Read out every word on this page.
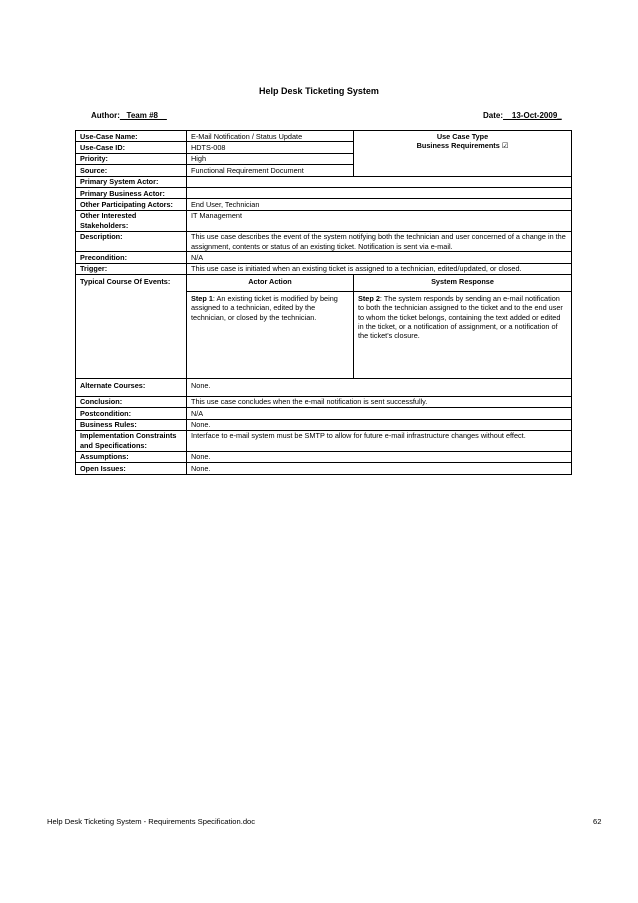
Help Desk Ticketing System
Author:   Team #8	Date:    13-Oct-2009_
Use-Case Name:	E-Mail Notification / Status Update	Use Case Type
Business Requirements ☑

Use-Case ID:	HDTS-008	
Priority:	High	
Source:	Functional Requirement Document	
Primary System Actor:		
Primary Business Actor:		
Other Participating Actors:	End User, Technician	
Other Interested Stakeholders:	IT Management	
Description:	This use case describes the event of the system notifying both the technician and user concerned of a change in the assignment, contents or status of an existing ticket. Notification is sent via e-mail.	
Precondition:	N/A	
Trigger:	This use case is initiated when an existing ticket is assigned to a technician, edited/updated, or closed.	
Typical Course Of Events:	Actor Action	System Response
	Step 1: An existing ticket is modified by being assigned to a technician, edited by the technician, or closed by the technician.	Step 2: The system responds by sending an e-mail notification to both the technician assigned to the ticket and to the end user to whom the ticket belongs, containing the text added or edited in the ticket, or a notification of assignment, or a notification of the ticket's closure.
Alternate Courses:	None.	
Conclusion:	This use case concludes when the e-mail notification is sent successfully.	
Postcondition:	N/A	
Business Rules:	None.	
Implementation Constraints and Specifications:	Interface to e-mail system must be SMTP to allow for future e-mail infrastructure changes without effect.	
Assumptions:	None.	
Open Issues:	None.	
Help Desk Ticketing System - Requirements Specification.doc	62
